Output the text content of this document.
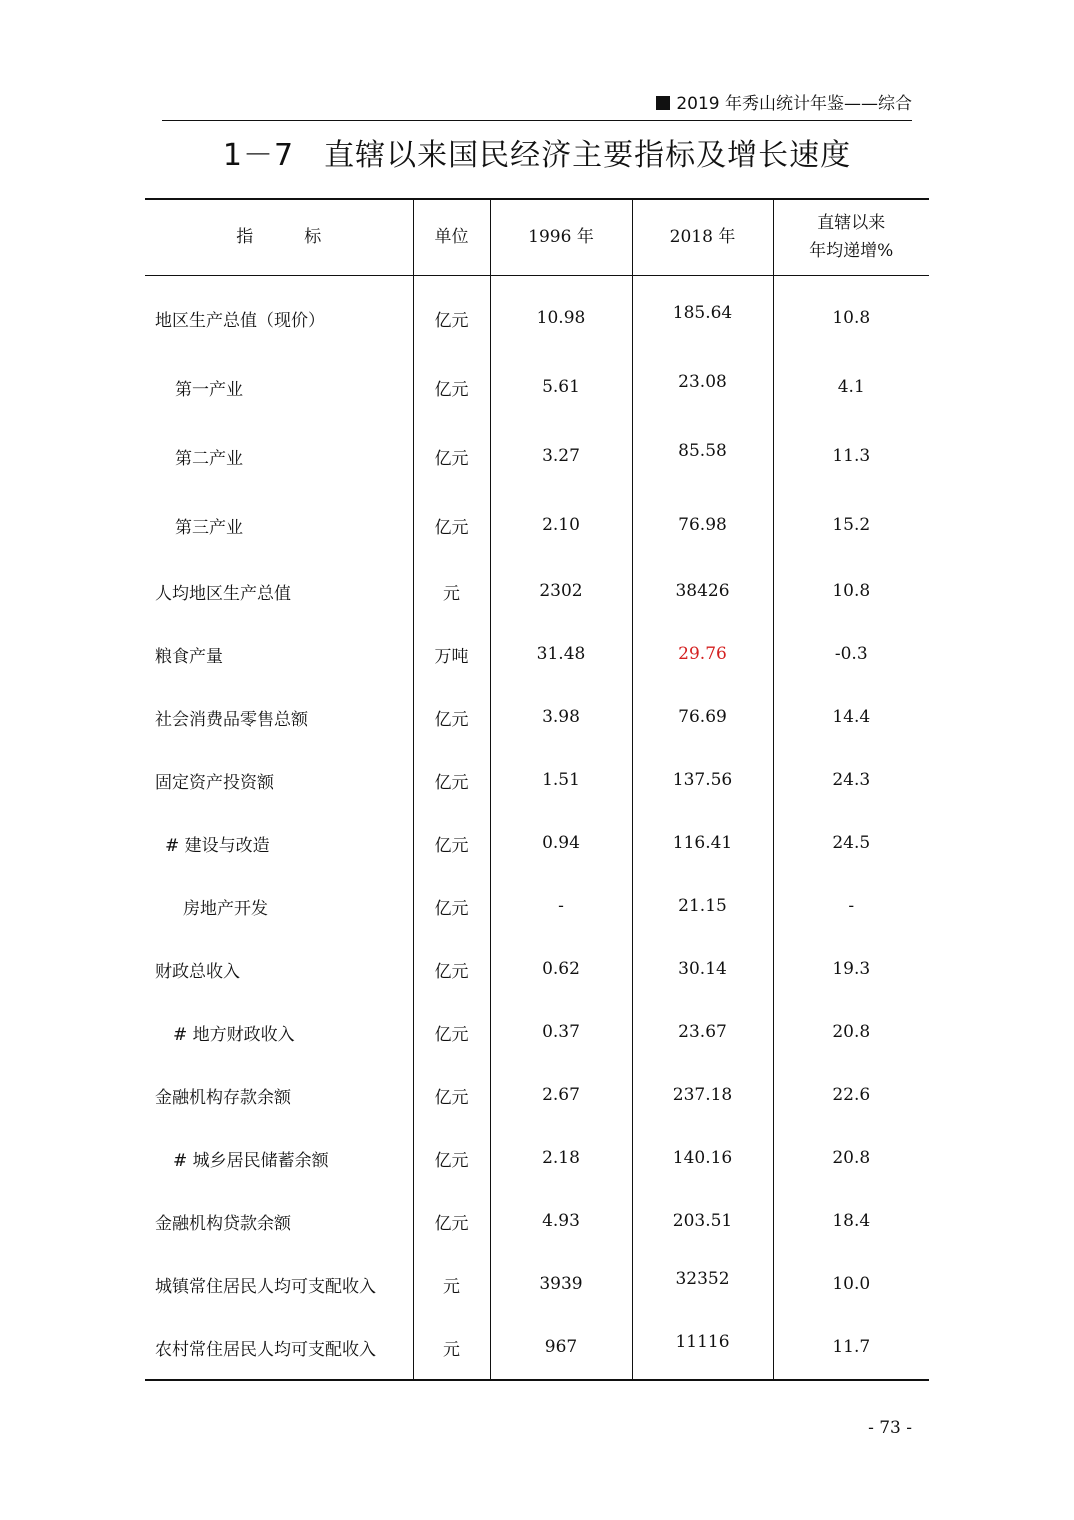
2019 年秀山统计年鉴——综合
1－7 直辖以来国民经济主要指标及增长速度
指　　　标	单位	1996 年	2018 年	直辖以来
年均递增%

地区生产总值（现价）	亿元	10.98	185.64	10.8
第一产业	亿元	5.61	23.08	4.1
第二产业	亿元	3.27	85.58	11.3
第三产业	亿元	2.10	76.98	15.2
人均地区生产总值	元	2302	38426	10.8
粮食产量	万吨	31.48	29.76	-0.3
社会消费品零售总额	亿元	3.98	76.69	14.4
固定资产投资额	亿元	1.51	137.56	24.3
# 建设与改造	亿元	0.94	116.41	24.5
房地产开发	亿元	-	21.15	-
财政总收入	亿元	0.62	30.14	19.3
# 地方财政收入	亿元	0.37	23.67	20.8
金融机构存款余额	亿元	2.67	237.18	22.6
# 城乡居民储蓄余额	亿元	2.18	140.16	20.8
金融机构贷款余额	亿元	4.93	203.51	18.4
城镇常住居民人均可支配收入	元	3939	32352	10.0
农村常住居民人均可支配收入	元	967	11116	11.7
- 73 -
